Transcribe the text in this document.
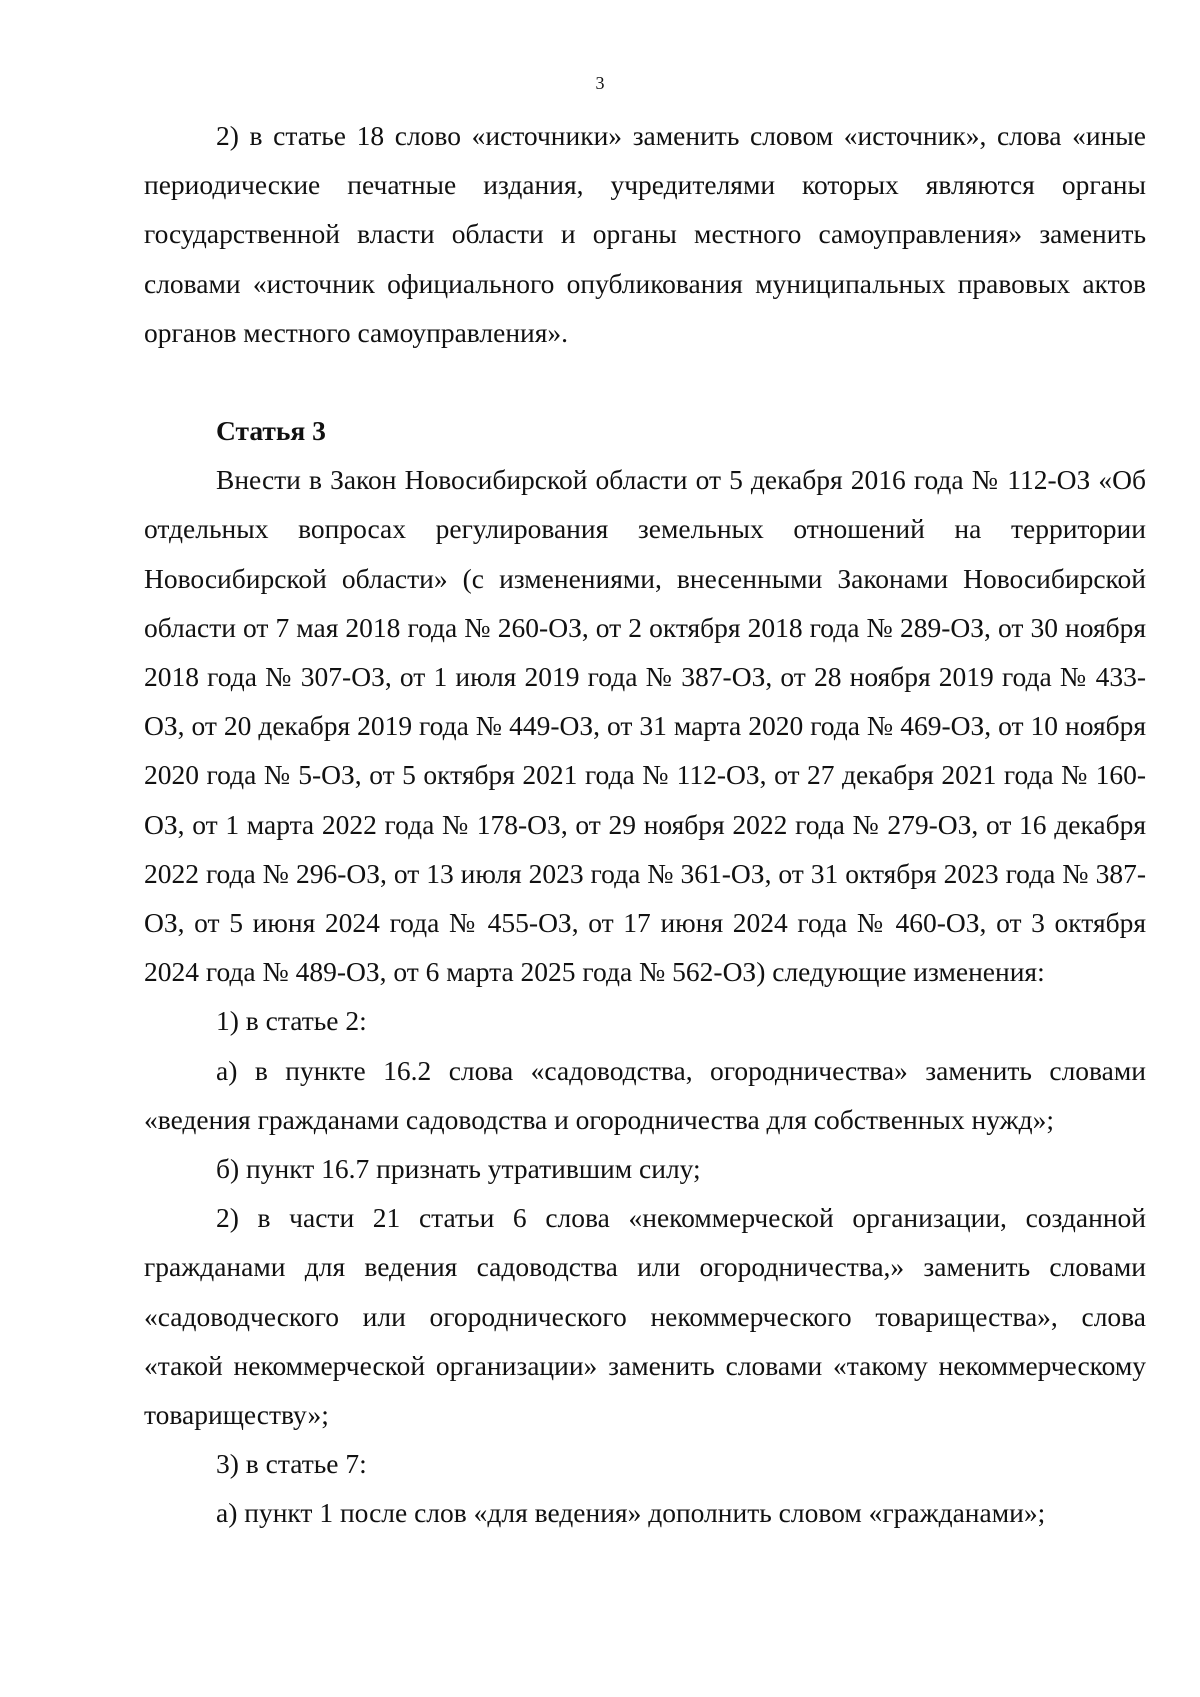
3

2) в статье 18 слово «источники» заменить словом «источник», слова «иные периодические печатные издания, учредителями которых являются органы государственной власти области и органы местного самоуправления» заменить словами «источник официального опубликования муниципальных правовых актов органов местного самоуправления».

Статья 3

Внести в Закон Новосибирской области от 5 декабря 2016 года № 112-ОЗ «Об отдельных вопросах регулирования земельных отношений на территории Новосибирской области» (с изменениями, внесенными Законами Новосибирской области от 7 мая 2018 года № 260-ОЗ, от 2 октября 2018 года № 289-ОЗ, от 30 ноября 2018 года № 307-ОЗ, от 1 июля 2019 года № 387-ОЗ, от 28 ноября 2019 года № 433-ОЗ, от 20 декабря 2019 года № 449-ОЗ, от 31 марта 2020 года № 469-ОЗ, от 10 ноября 2020 года № 5-ОЗ, от 5 октября 2021 года № 112-ОЗ, от 27 декабря 2021 года № 160-ОЗ, от 1 марта 2022 года № 178-ОЗ, от 29 ноября 2022 года № 279-ОЗ, от 16 декабря 2022 года № 296-ОЗ, от 13 июля 2023 года № 361-ОЗ, от 31 октября 2023 года № 387-ОЗ, от 5 июня 2024 года № 455-ОЗ, от 17 июня 2024 года № 460-ОЗ, от 3 октября 2024 года № 489-ОЗ, от 6 марта 2025 года № 562-ОЗ) следующие изменения:

1) в статье 2:

а) в пункте 16.2 слова «садоводства, огородничества» заменить словами «ведения гражданами садоводства и огородничества для собственных нужд»;

б) пункт 16.7 признать утратившим силу;

2) в части 21 статьи 6 слова «некоммерческой организации, созданной гражданами для ведения садоводства или огородничества,» заменить словами «садоводческого или огороднического некоммерческого товарищества», слова «такой некоммерческой организации» заменить словами «такому некоммерческому товариществу»;

3) в статье 7:

а) пункт 1 после слов «для ведения» дополнить словом «гражданами»;
